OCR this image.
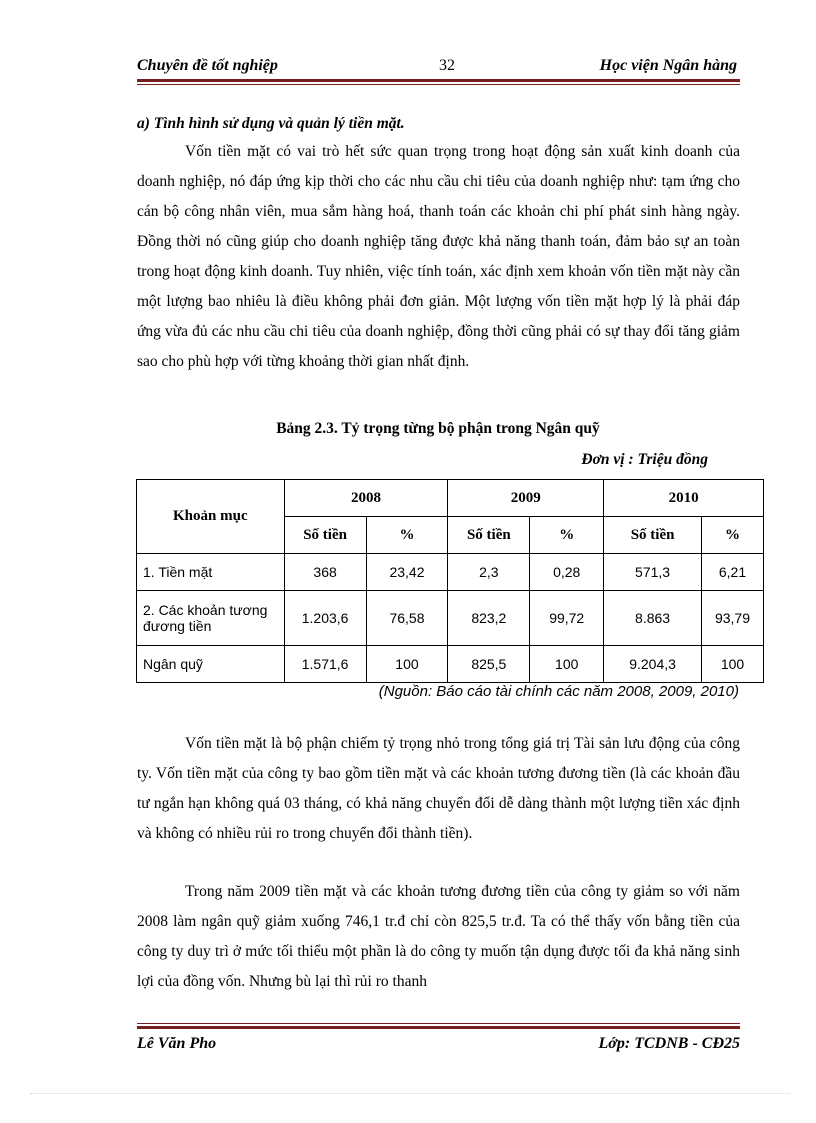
Chuyên đề tốt nghiệp	32	Học viện Ngân hàng
a) Tình hình sử dụng và quản lý tiền mặt.

Vốn tiền mặt có vai trò hết sức quan trọng trong hoạt động sản xuất kinh doanh của doanh nghiệp, nó đáp ứng kịp thời cho các nhu cầu chi tiêu của doanh nghiệp như: tạm ứng cho cán bộ công nhân viên, mua sắm hàng hoá, thanh toán các khoản chi phí phát sinh hàng ngày. Đồng thời nó cũng giúp cho doanh nghiệp tăng được khả năng thanh toán, đảm bảo sự an toàn trong hoạt động kinh doanh. Tuy nhiên, việc tính toán, xác định xem khoản vốn tiền mặt này cần một lượng bao nhiêu là điều không phải đơn giản. Một lượng vốn tiền mặt hợp lý là phải đáp ứng vừa đủ các nhu cầu chi tiêu của doanh nghiệp, đồng thời cũng phải có sự thay đổi tăng giảm sao cho phù hợp với từng khoảng thời gian nhất định.

Bảng 2.3. Tỷ trọng từng bộ phận trong Ngân quỹ
Đơn vị : Triệu đồng
Khoản mục	2008		2009		2010	
	Số tiền	%	Số tiền	%	Số tiền	%
1. Tiền mặt	368	23,42	2,3	0,28	571,3	6,21
2. Các khoản tương đương tiền	1.203,6	76,58	823,2	99,72	8.863	93,79
Ngân quỹ	1.571,6	100	825,5	100	9.204,3	100
(Nguồn: Báo cáo tài chính các năm 2008, 2009, 2010)

Vốn tiền mặt là bộ phận chiếm tỷ trọng nhỏ trong tổng giá trị Tài sản lưu động của công ty. Vốn tiền mặt của công ty bao gồm tiền mặt và các khoản tương đương tiền (là các khoản đầu tư ngắn hạn không quá 03 tháng, có khả năng chuyển đổi dễ dàng thành một lượng tiền xác định và không có nhiều rủi ro trong chuyển đổi thành tiền).

Trong năm 2009 tiền mặt và các khoản tương đương tiền của công ty giảm so với năm 2008 làm ngân quỹ giảm xuống 746,1 tr.đ chỉ còn 825,5 tr.đ. Ta có thể thấy vốn bằng tiền của công ty duy trì ở mức tối thiểu một phần là do công ty muốn tận dụng được tối đa khả năng sinh lợi của đồng vốn. Nhưng bù lại thì rủi ro thanh

Lê Văn Pho	Lớp: TCDNB - CĐ25
